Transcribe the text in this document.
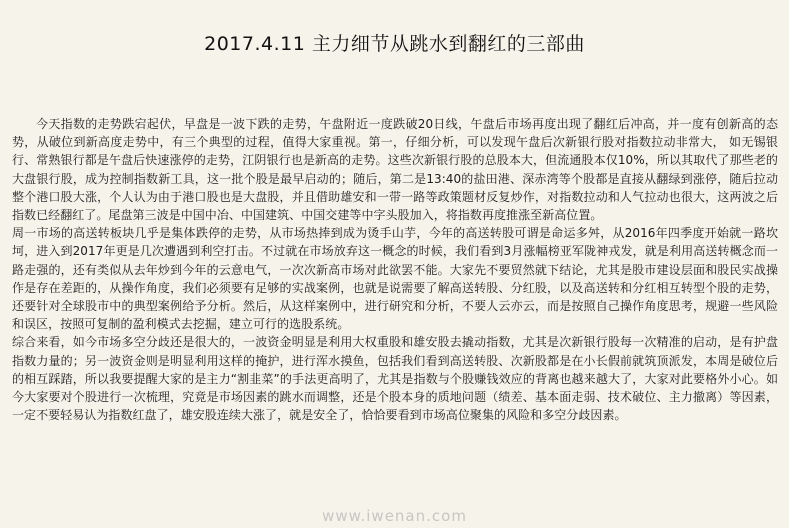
2017.4.11 主力细节从跳水到翻红的三部曲

今天指数的走势跌宕起伏，早盘是一波下跌的走势，午盘附近一度跌破20日线，午盘后市场再度出现了翻红后冲高，并一度有创新高的态势，从破位到新高度走势中，有三个典型的过程，值得大家重视。第一，仔细分析，可以发现午盘后次新银行股对指数拉动非常大， 如无锡银行、常熟银行都是午盘后快速涨停的走势，江阴银行也是新高的走势。这些次新银行股的总股本大，但流通股本仅10%，所以其取代了那些老的大盘银行股，成为控制指数新工具，这一批个股是最早启动的；随后，第二是13:40的盐田港、深赤湾等个股都是直接从翻绿到涨停，随后拉动整个港口股大涨，个人认为由于港口股也是大盘股，并且借助雄安和一带一路等政策题材反复炒作，对指数拉动和人气拉动也很大，这两波之后指数已经翻红了。尾盘第三波是中国中冶、中国建筑、中国交建等中字头股加入，将指数再度推涨至新高位置。

周一市场的高送转板块几乎是集体跌停的走势，从市场热捧到成为烫手山芋，今年的高送转股可谓是命运多舛，从2016年四季度开始就一路坎坷，进入到2017年更是几次遭遇到利空打击。不过就在市场放弃这一概念的时候，我们看到3月涨幅榜亚军陇神戎发，就是利用高送转概念而一路走强的，还有类似从去年炒到今年的云意电气，一次次新高市场对此欲罢不能。大家先不要贸然就下结论，尤其是股市建设层面和股民实战操作是存在差距的，从操作角度，我们必须要有足够的实战案例，也就是说需要了解高送转股、分红股，以及高送转和分红相互转型个股的走势，还要针对全球股市中的典型案例给予分析。然后，从这样案例中，进行研究和分析，不要人云亦云，而是按照自己操作角度思考，规避一些风险和误区，按照可复制的盈利模式去挖掘，建立可行的选股系统。

综合来看，如今市场多空分歧还是很大的，一波资金明显是利用大权重股和雄安股去撬动指数，尤其是次新银行股每一次精准的启动，是有护盘指数力量的；另一波资金则是明显利用这样的掩护，进行浑水摸鱼，包括我们看到高送转股、次新股都是在小长假前就筑顶派发，本周是破位后的相互踩踏，所以我要提醒大家的是主力“割韭菜”的手法更高明了，尤其是指数与个股赚钱效应的背离也越来越大了，大家对此要格外小心。如今大家要对个股进行一次梳理，究竟是市场因素的跳水而调整，还是个股本身的质地问题（绩差、基本面走弱、技术破位、主力撤离）等因素，一定不要轻易认为指数红盘了，雄安股连续大涨了，就是安全了，恰恰要看到市场高位聚集的风险和多空分歧因素。

www.iwenan.com
